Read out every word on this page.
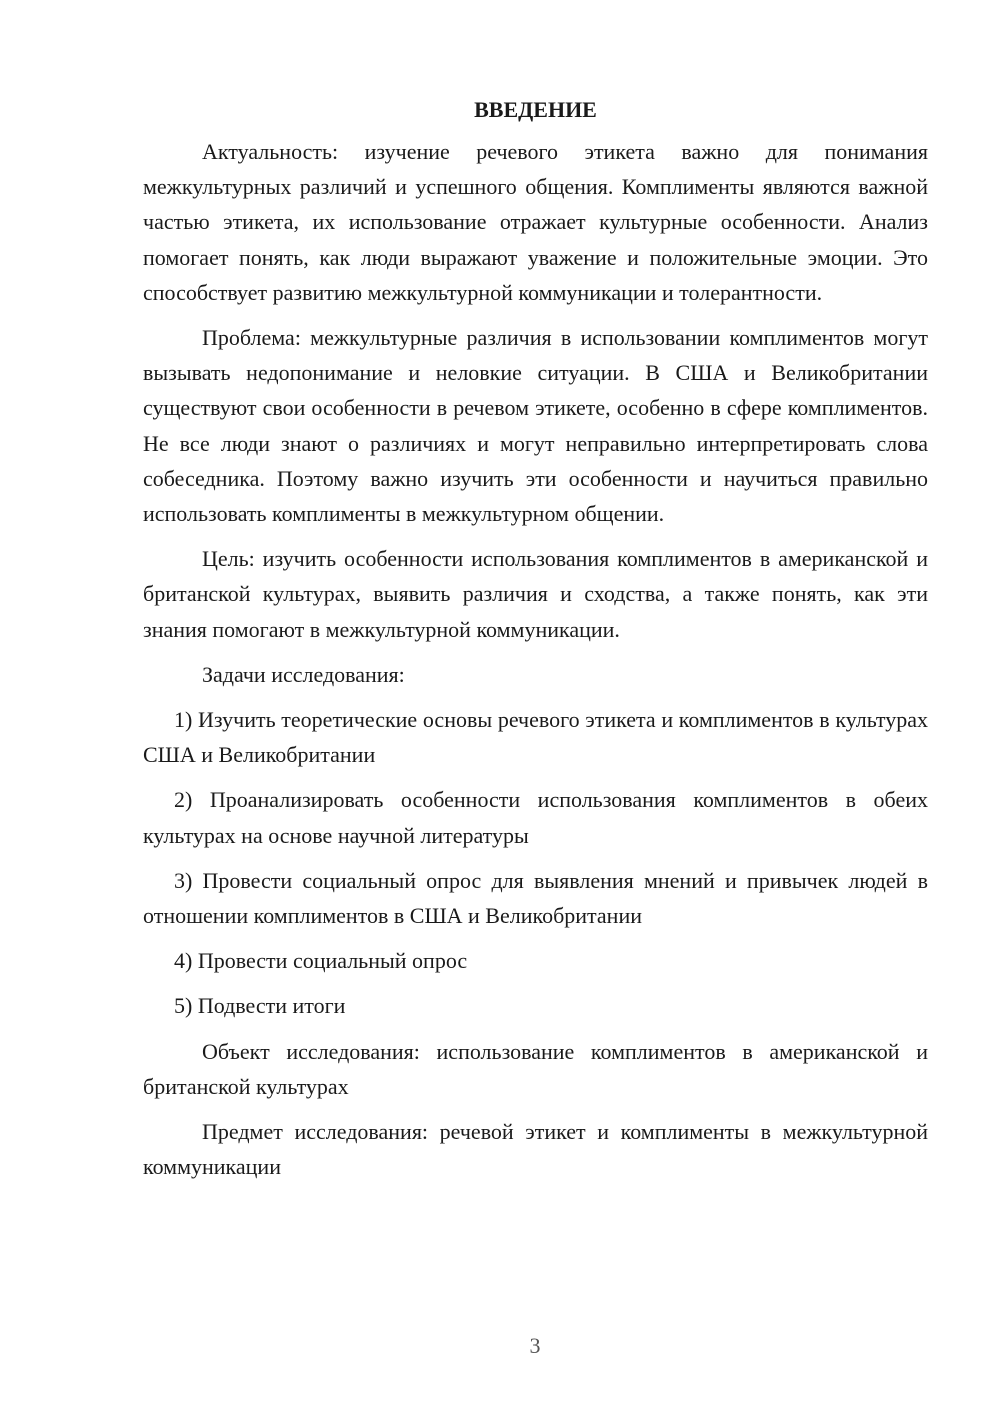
ВВЕДЕНИЕ

Актуальность: изучение речевого этикета важно для понимания межкультурных различий и успешного общения. Комплименты являются важной частью этикета, их использование отражает культурные особенности. Анализ помогает понять, как люди выражают уважение и положительные эмоции. Это способствует развитию межкультурной коммуникации и толерантности.

Проблема: межкультурные различия в использовании комплиментов могут вызывать недопонимание и неловкие ситуации. В США и Великобритании существуют свои особенности в речевом этикете, особенно в сфере комплиментов. Не все люди знают о различиях и могут неправильно интерпретировать слова собеседника. Поэтому важно изучить эти особенности и научиться правильно использовать комплименты в межкультурном общении.

Цель: изучить особенности использования комплиментов в американской и британской культурах, выявить различия и сходства, а также понять, как эти знания помогают в межкультурной коммуникации.

Задачи исследования:

1) Изучить теоретические основы речевого этикета и комплиментов в культурах США и Великобритании

2) Проанализировать особенности использования комплиментов в обеих культурах на основе научной литературы

3) Провести социальный опрос для выявления мнений и привычек людей в отношении комплиментов в США и Великобритании

4) Провести социальный опрос

5) Подвести итоги

Объект исследования: использование комплиментов в американской и британской культурах

Предмет исследования: речевой этикет и комплименты в межкультурной коммуникации

3
